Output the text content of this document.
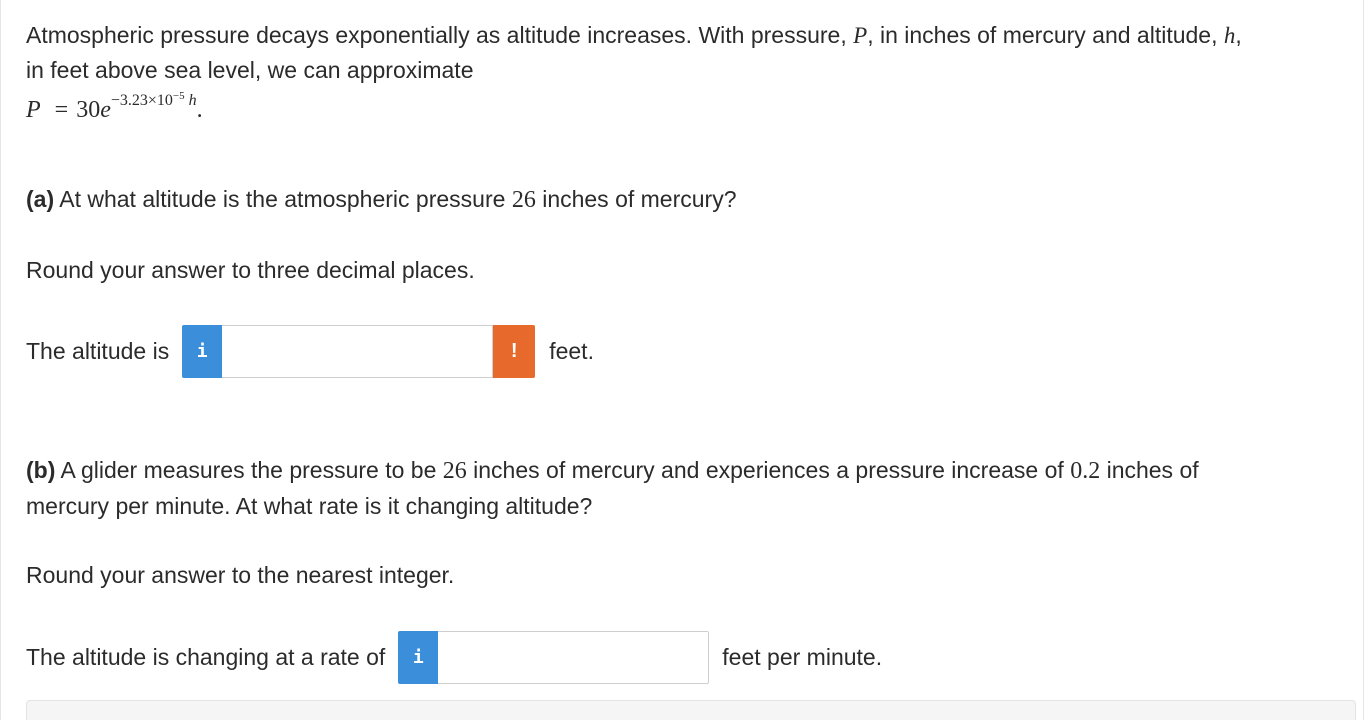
Atmospheric pressure decays exponentially as altitude increases. With pressure, P, in inches of mercury and altitude, h,

in feet above sea level, we can approximate

$P = 30e^{-3.23\times 10^{-5} h}$.

(a) At what altitude is the atmospheric pressure 26 inches of mercury?

Round your answer to three decimal places.

The altitude is	i	!	feet.

(b) A glider measures the pressure to be 26 inches of mercury and experiences a pressure increase of 0.2 inches of

mercury per minute. At what rate is it changing altitude?

Round your answer to the nearest integer.

The altitude is changing at a rate of	i	feet per minute.
